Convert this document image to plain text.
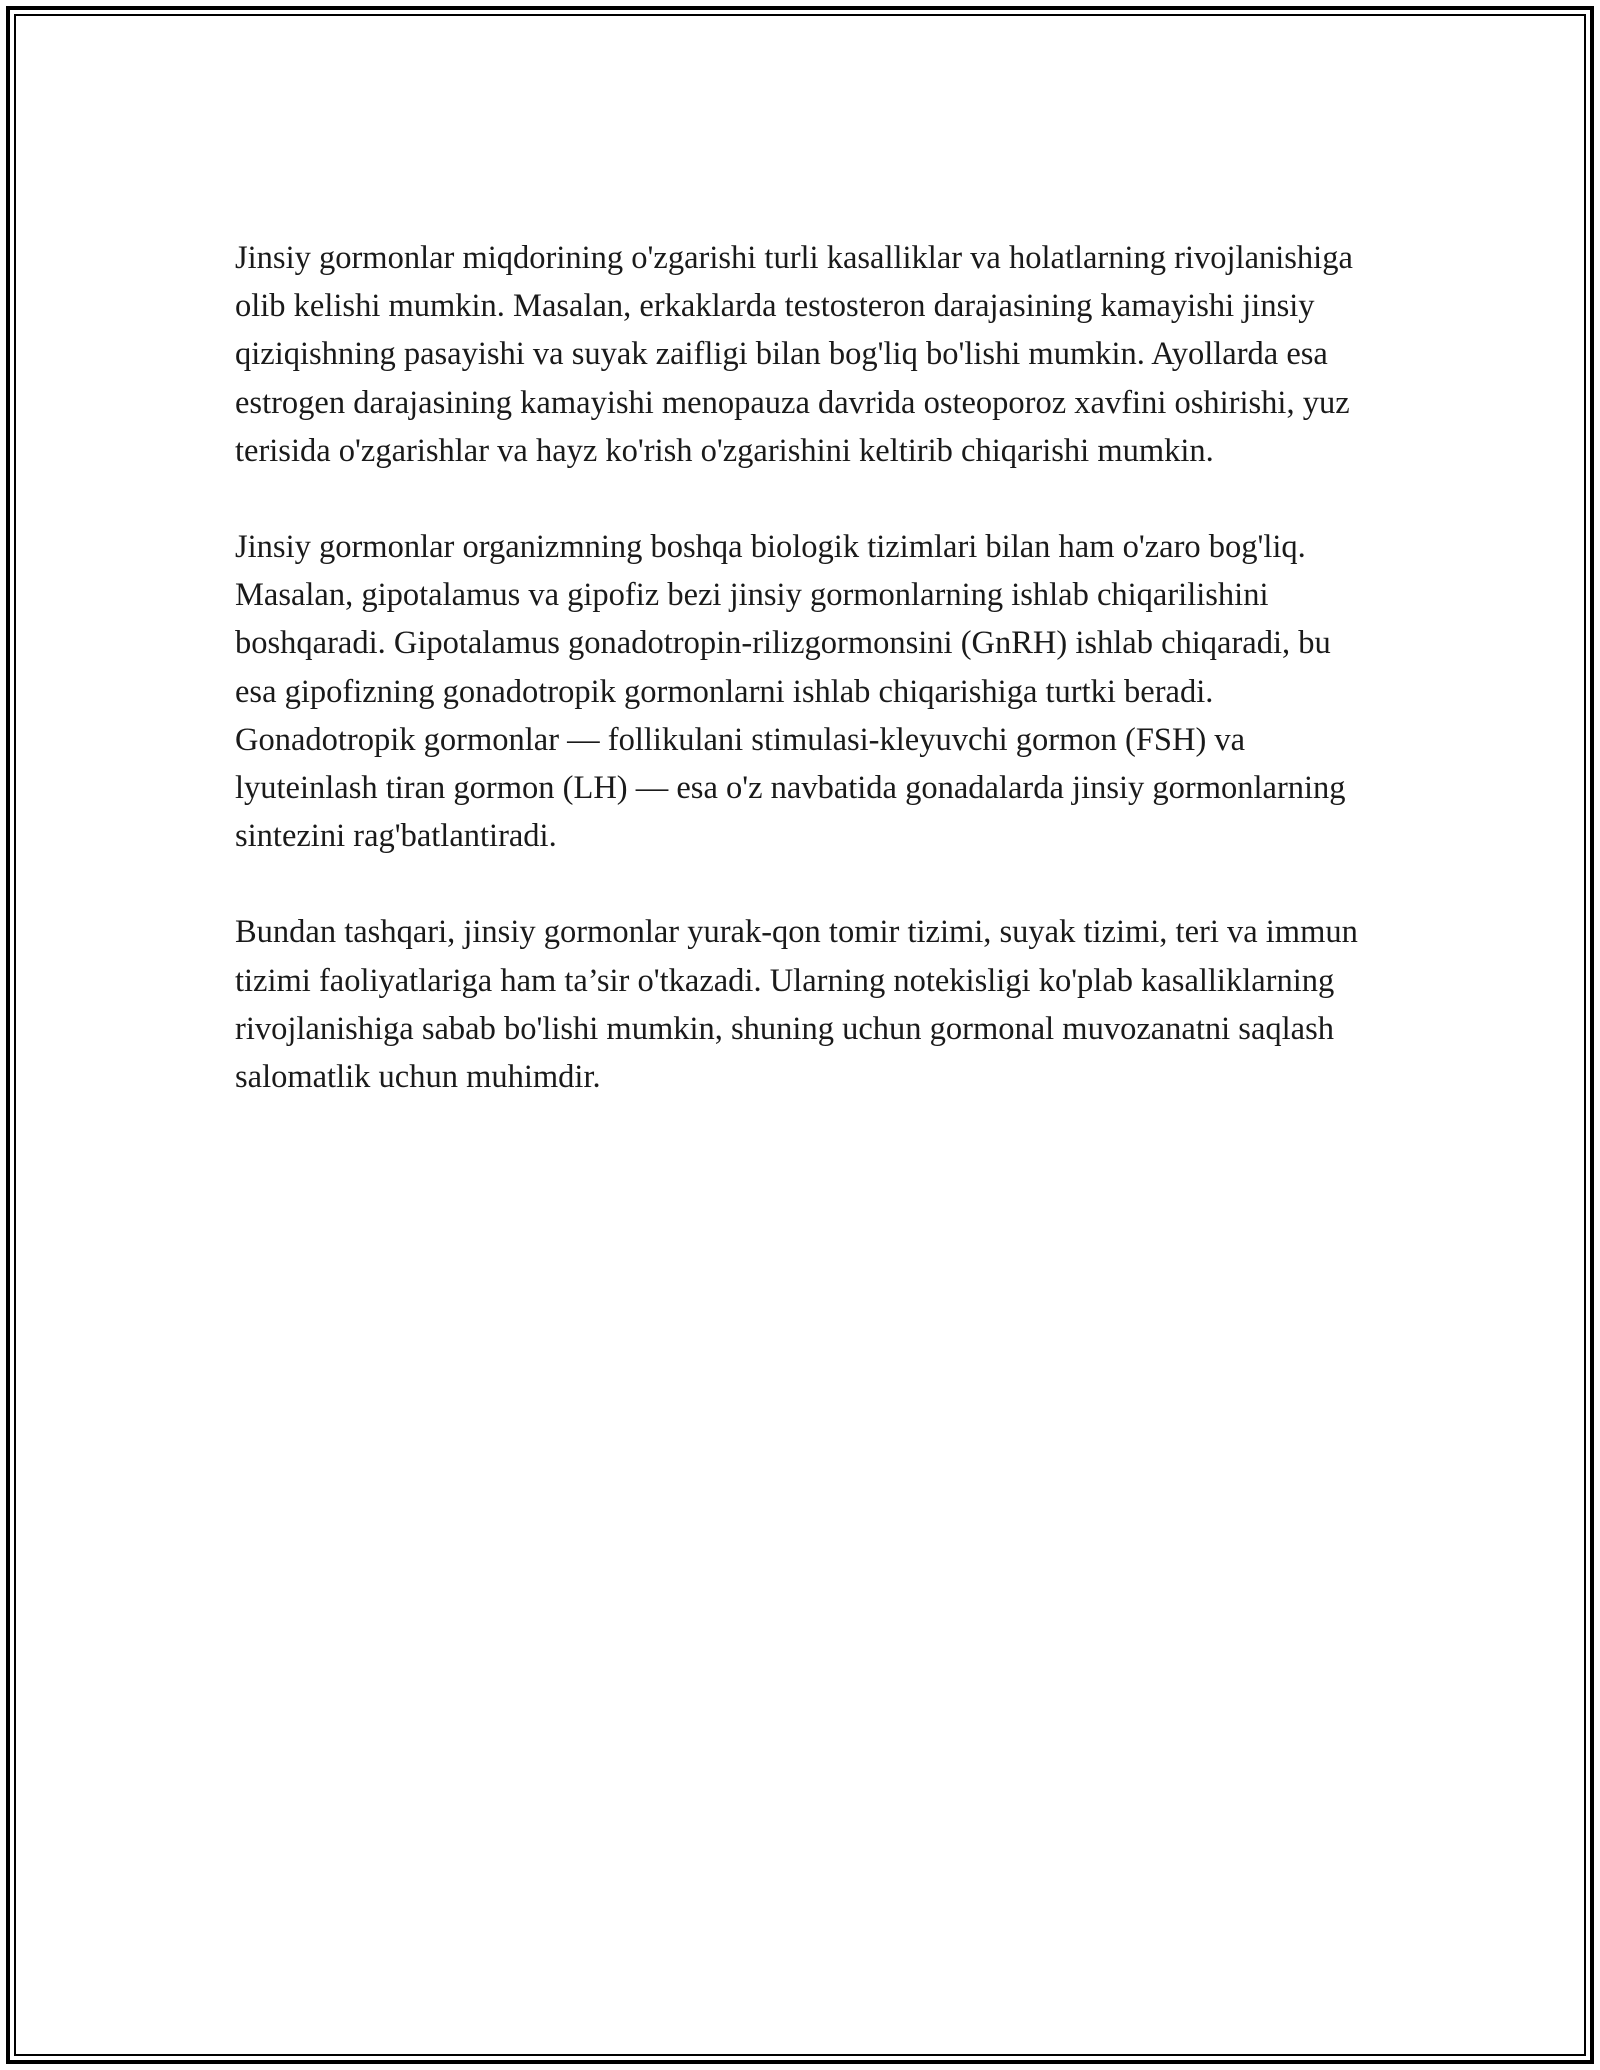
Jinsiy gormonlar miqdorining o'zgarishi turli kasalliklar va holatlarning rivojlanishiga olib kelishi mumkin. Masalan, erkaklarda testosteron darajasining kamayishi jinsiy qiziqishning pasayishi va suyak zaifligi bilan bog'liq bo'lishi mumkin. Ayollarda esa estrogen darajasining kamayishi menopauza davrida osteoporoz xavfini oshirishi, yuz terisida o'zgarishlar va hayz ko'rish o'zgarishini keltirib chiqarishi mumkin.

Jinsiy gormonlar organizmning boshqa biologik tizimlari bilan ham o'zaro bog'liq. Masalan, gipotalamus va gipofiz bezi jinsiy gormonlarning ishlab chiqarilishini boshqaradi. Gipotalamus gonadotropin-rilizgormonsini (GnRH) ishlab chiqaradi, bu esa gipofizning gonadotropik gormonlarni ishlab chiqarishiga turtki beradi. Gonadotropik gormonlar — follikulani stimulasi-kleyuvchi gormon (FSH) va lyuteinlash tiran gormon (LH) — esa o'z navbatida gonadalarda jinsiy gormonlarning sintezini rag'batlantiradi.

Bundan tashqari, jinsiy gormonlar yurak-qon tomir tizimi, suyak tizimi, teri va immun tizimi faoliyatlariga ham ta’sir o'tkazadi. Ularning notekisligi ko'plab kasalliklarning rivojlanishiga sabab bo'lishi mumkin, shuning uchun gormonal muvozanatni saqlash salomatlik uchun muhimdir.
